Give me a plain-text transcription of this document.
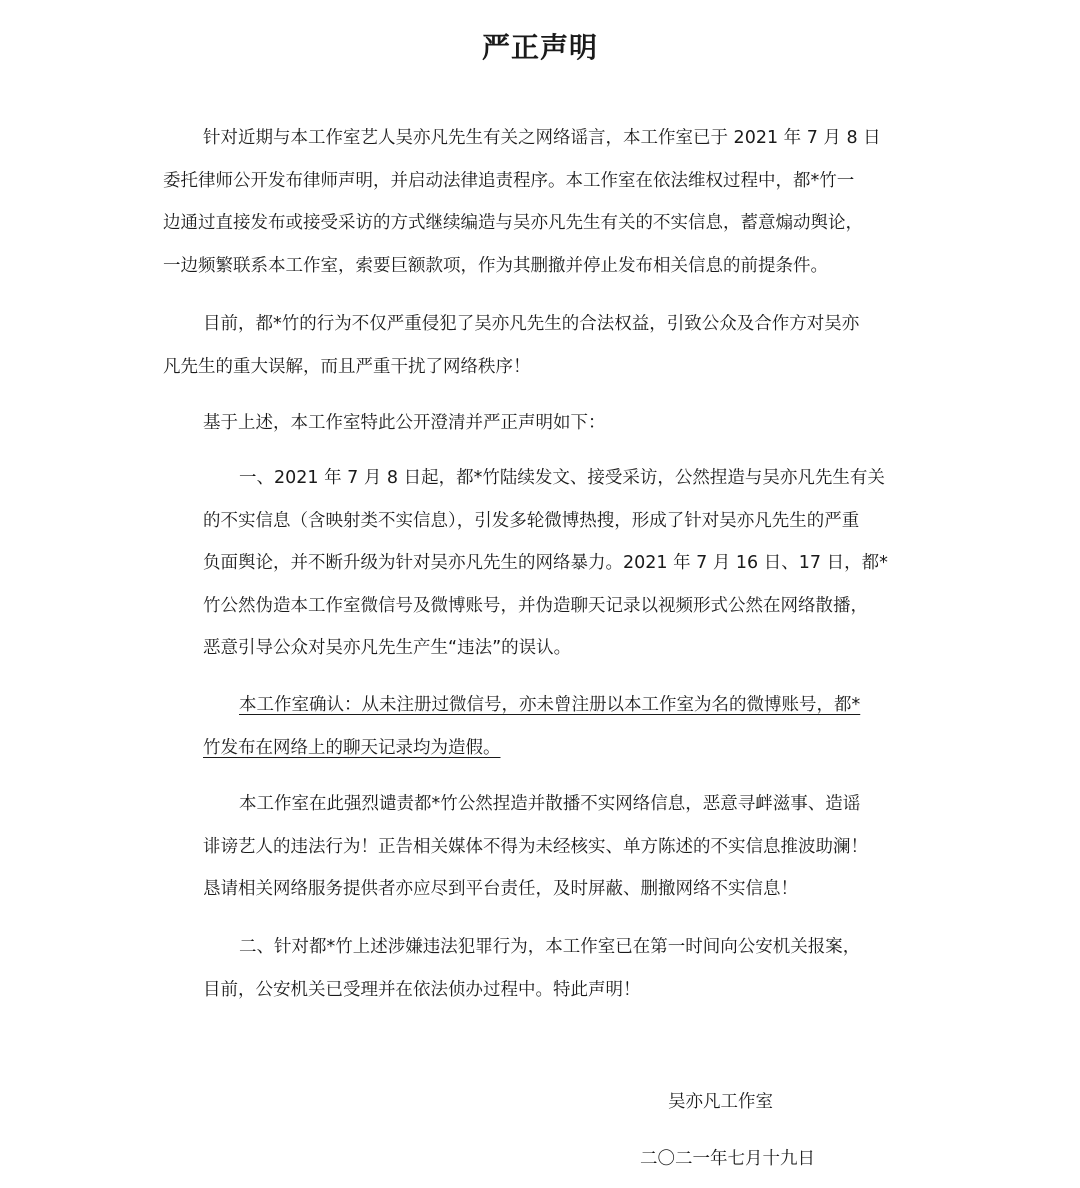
严正声明
针对近期与本工作室艺人吴亦凡先生有关之网络谣言，本工作室已于 2021 年 7 月 8 日
委托律师公开发布律师声明，并启动法律追责程序。本工作室在依法维权过程中，都*竹一
边通过直接发布或接受采访的方式继续编造与吴亦凡先生有关的不实信息，蓄意煽动舆论，
一边频繁联系本工作室，索要巨额款项，作为其删撤并停止发布相关信息的前提条件。
目前，都*竹的行为不仅严重侵犯了吴亦凡先生的合法权益，引致公众及合作方对吴亦
凡先生的重大误解，而且严重干扰了网络秩序！
基于上述，本工作室特此公开澄清并严正声明如下：
一、2021 年 7 月 8 日起，都*竹陆续发文、接受采访，公然捏造与吴亦凡先生有关
的不实信息（含映射类不实信息），引发多轮微博热搜，形成了针对吴亦凡先生的严重
负面舆论，并不断升级为针对吴亦凡先生的网络暴力。2021 年 7 月 16 日、17 日，都*
竹公然伪造本工作室微信号及微博账号，并伪造聊天记录以视频形式公然在网络散播，
恶意引导公众对吴亦凡先生产生“违法”的误认。
本工作室确认：从未注册过微信号，亦未曾注册以本工作室为名的微博账号，都*
竹发布在网络上的聊天记录均为造假。
本工作室在此强烈谴责都*竹公然捏造并散播不实网络信息，恶意寻衅滋事、造谣
诽谤艺人的违法行为！正告相关媒体不得为未经核实、单方陈述的不实信息推波助澜！
恳请相关网络服务提供者亦应尽到平台责任，及时屏蔽、删撤网络不实信息！
二、针对都*竹上述涉嫌违法犯罪行为，本工作室已在第一时间向公安机关报案，
目前，公安机关已受理并在依法侦办过程中。特此声明！
吴亦凡工作室
二〇二一年七月十九日
